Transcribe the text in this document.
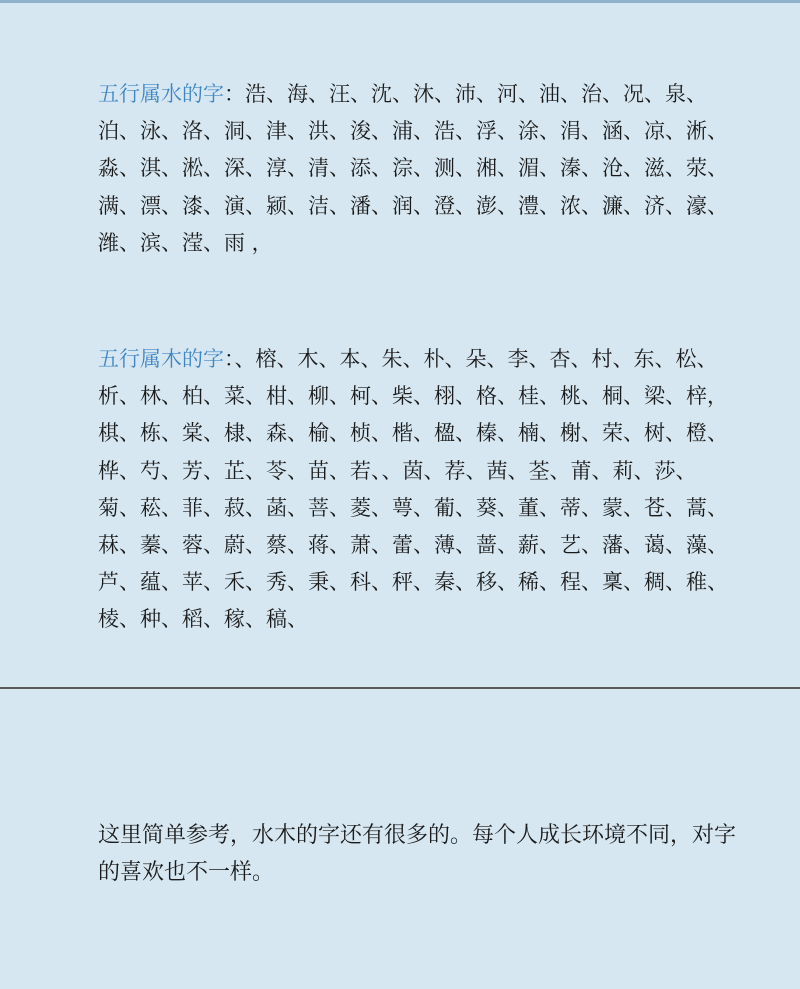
五行属水的字：浩、海、汪、沈、沐、沛、河、油、治、况、泉、泊、泳、洛、洞、津、洪、浚、浦、浩、浮、涂、涓、涵、凉、淅、淼、淇、淞、深、淳、清、添、淙、测、湘、湄、溱、沧、滋、荥、满、漂、漆、演、颍、洁、潘、润、澄、澎、澧、浓、濂、济、濠、潍、滨、滢、雨 ，
五行属木的字：、榕、木、本、朱、朴、朵、李、杏、村、东、松、析、林、柏、菜、柑、柳、柯、柴、栩、格、桂、桃、桐、梁、梓，棋、栋、棠、棣、森、榆、桢、楷、楹、榛、楠、榭、荣、树、橙、桦、芍、芳、芷、苓、苗、若、、茵、荐、茜、荃、莆、莉、莎、菊、菘、菲、菽、菡、菩、菱、萼、葡、葵、董、蒂、蒙、苍、蒿、菻、蓁、蓉、蔚、蔡、蒋、萧、蕾、薄、蔷、薪、艺、藩、蔼、藻、芦、蕴、苹、禾、秀、秉、科、秤、秦、移、稀、程、稟、稠、稚、棱、种、稻、稼、稿、
这里简单参考，水木的字还有很多的。每个人成长环境不同，对字的喜欢也不一样。
